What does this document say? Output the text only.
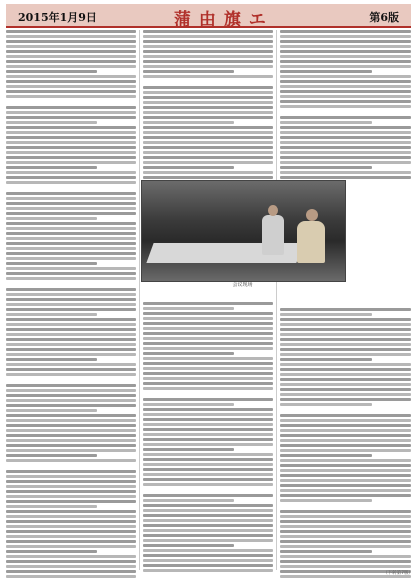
2015年1月9日	蒲 由 旗 エ	第6版
会议现场
（下转第7版）
